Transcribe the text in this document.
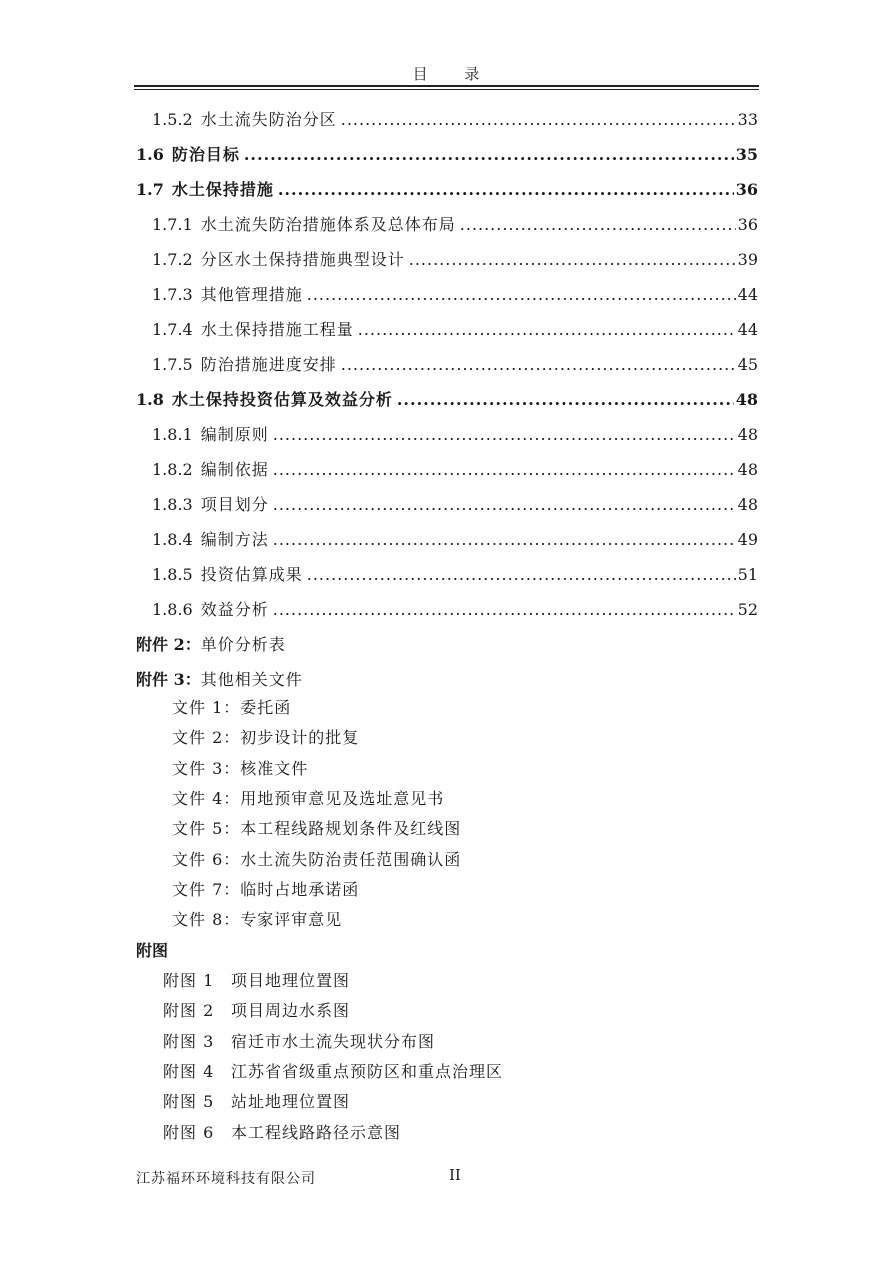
目 录
1.5.2 水土流失防治分区 .....	33
1.6 防治目标 .....	35
1.7 水土保持措施 .....	36
1.7.1 水土流失防治措施体系及总体布局 .....	36
1.7.2 分区水土保持措施典型设计 .....	39
1.7.3 其他管理措施 .....	44
1.7.4 水土保持措施工程量 .....	44
1.7.5 防治措施进度安排 .....	45
1.8 水土保持投资估算及效益分析 .....	48
1.8.1 编制原则 .....	48
1.8.2 编制依据 .....	48
1.8.3 项目划分 .....	48
1.8.4 编制方法 .....	49
1.8.5 投资估算成果 .....	51
1.8.6 效益分析 .....	52
附件 2：单价分析表
附件 3：其他相关文件
文件 1：委托函
文件 2：初步设计的批复
文件 3：核准文件
文件 4：用地预审意见及选址意见书
文件 5：本工程线路规划条件及红线图
文件 6：水土流失防治责任范围确认函
文件 7：临时占地承诺函
文件 8：专家评审意见
附图
附图 1 项目地理位置图
附图 2 项目周边水系图
附图 3 宿迁市水土流失现状分布图
附图 4 江苏省省级重点预防区和重点治理区
附图 5 站址地理位置图
附图 6 本工程线路路径示意图
江苏福环环境科技有限公司	II
